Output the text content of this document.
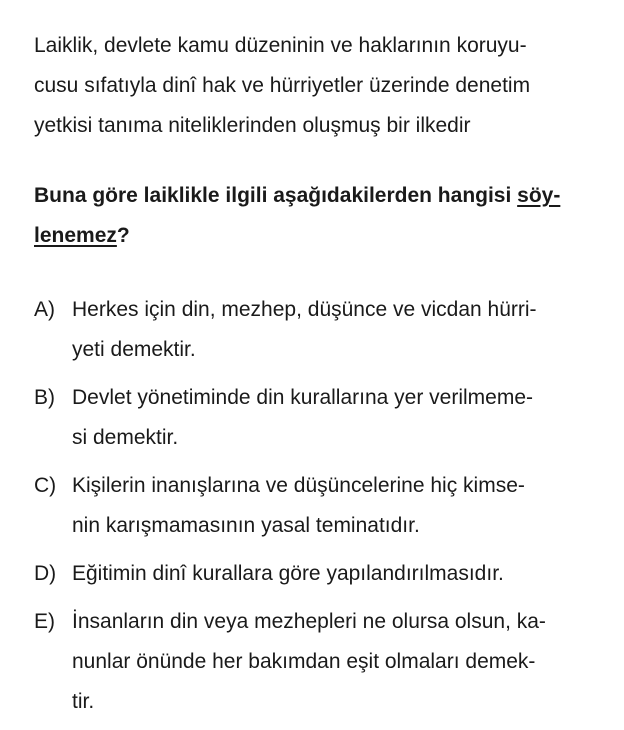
Laiklik, devlete kamu düzeninin ve haklarının koruyu-
cusu sıfatıyla dinî hak ve hürriyetler üzerinde denetim
yetkisi tanıma niteliklerinden oluşmuş bir ilkedir

Buna göre laiklikle ilgili aşağıdakilerden hangisi söy-
lenemez?
A) Herkes için din, mezhep, düşünce ve vicdan hürri-
yeti demektir.
B) Devlet yönetiminde din kurallarına yer verilmeme-
si demektir.
C) Kişilerin inanışlarına ve düşüncelerine hiç kimse-
nin karışmamasının yasal teminatıdır.
D) Eğitimin dinî kurallara göre yapılandırılmasıdır.
E) İnsanların din veya mezhepleri ne olursa olsun, ka-
nunlar önünde her bakımdan eşit olmaları demek-
tir.
